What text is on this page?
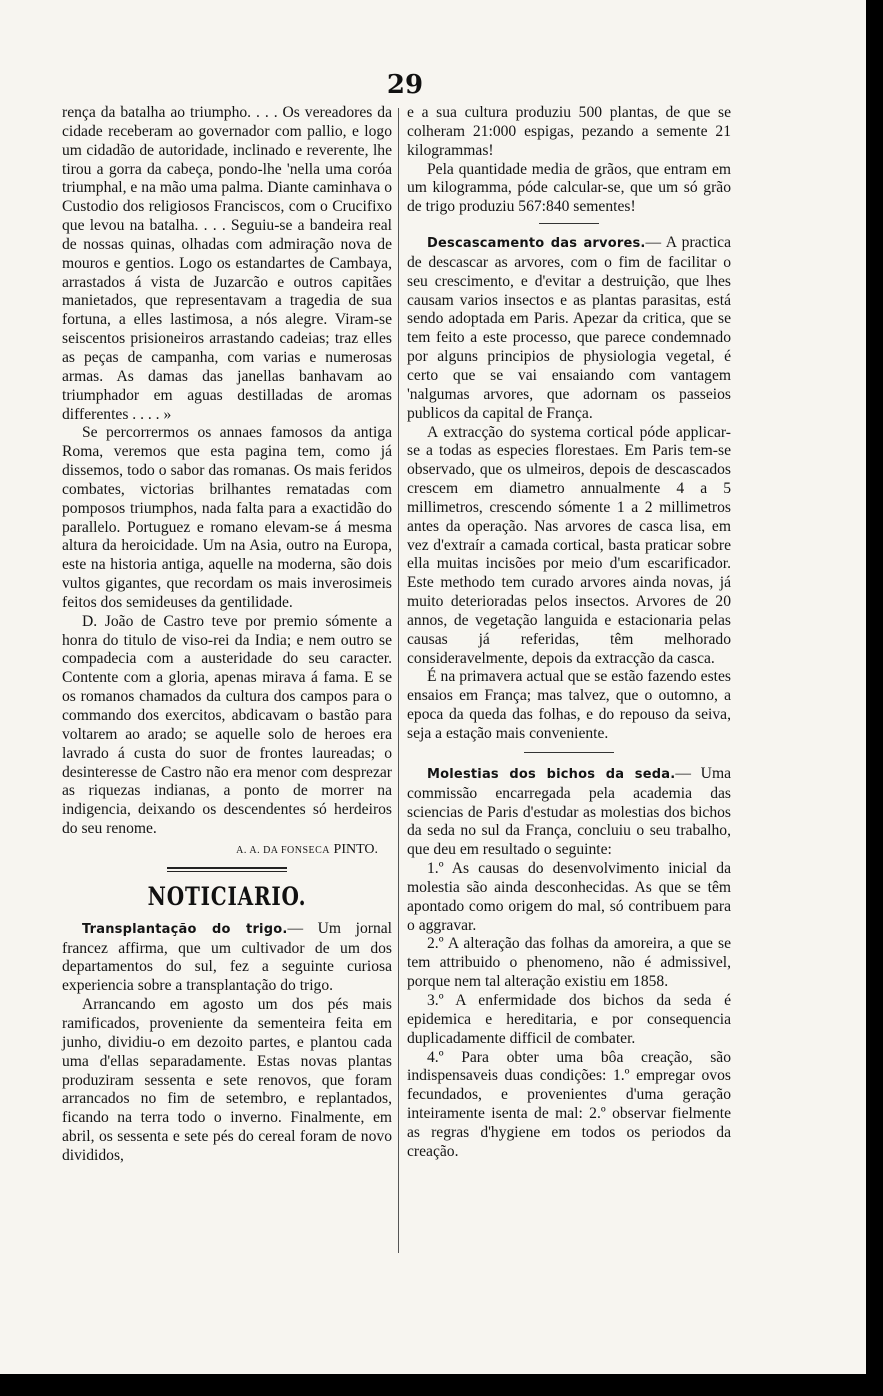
29

rença da batalha ao triumpho. . . . Os vereadores da cidade receberam ao governador com pallio, e logo um cidadão de autoridade, inclinado e reverente, lhe tirou a gorra da cabeça, pondo-lhe 'nella uma coróa triumphal, e na mão uma palma. Diante caminhava o Custodio dos religiosos Franciscos, com o Crucifixo que levou na batalha. . . . Seguiu-se a bandeira real de nossas quinas, olhadas com admiração nova de mouros e gentios. Logo os estandartes de Cambaya, arrastados á vista de Juzarcão e outros capitães manietados, que representavam a tragedia de sua fortuna, a elles lastimosa, a nós alegre. Viram-se seiscentos prisioneiros arrastando cadeias; traz elles as peças de campanha, com varias e numerosas armas. As damas das janellas banhavam ao triumphador em aguas destilladas de aromas differentes . . . . »

Se percorrermos os annaes famosos da antiga Roma, veremos que esta pagina tem, como já dissemos, todo o sabor das romanas. Os mais feridos combates, victorias brilhantes rematadas com pomposos triumphos, nada falta para a exactidão do parallelo. Portuguez e romano elevam-se á mesma altura da heroicidade. Um na Asia, outro na Europa, este na historia antiga, aquelle na moderna, são dois vultos gigantes, que recordam os mais inverosimeis feitos dos semideuses da gentilidade.

D. João de Castro teve por premio sómente a honra do titulo de viso-rei da India; e nem outro se compadecia com a austeridade do seu caracter. Contente com a gloria, apenas mirava á fama. E se os romanos chamados da cultura dos campos para o commando dos exercitos, abdicavam o bastão para voltarem ao arado; se aquelle solo de heroes era lavrado á custa do suor de frontes laureadas; o desinteresse de Castro não era menor com desprezar as riquezas indianas, a ponto de morrer na indigencia, deixando os descendentes só herdeiros do seu renome.

A. A. DA FONSECA PINTO.
NOTICIARIO.

Transplantação do trigo.— Um jornal francez affirma, que um cultivador de um dos departamentos do sul, fez a seguinte curiosa experiencia sobre a transplantação do trigo.

Arrancando em agosto um dos pés mais ramificados, proveniente da sementeira feita em junho, dividiu-o em dezoito partes, e plantou cada uma d'ellas separadamente. Estas novas plantas produziram sessenta e sete renovos, que foram arrancados no fim de setembro, e replantados, ficando na terra todo o inverno. Finalmente, em abril, os sessenta e sete pés do cereal foram de novo divididos,

e a sua cultura produziu 500 plantas, de que se colheram 21:000 espigas, pezando a semente 21 kilogrammas!

Pela quantidade media de grãos, que entram em um kilogramma, póde calcular-se, que um só grão de trigo produziu 567:840 sementes!

Descascamento das arvores.— A practica de descascar as arvores, com o fim de facilitar o seu crescimento, e d'evitar a destruição, que lhes causam varios insectos e as plantas parasitas, está sendo adoptada em Paris. Apezar da critica, que se tem feito a este processo, que parece condemnado por alguns principios de physiologia vegetal, é certo que se vai ensaiando com vantagem 'nalgumas arvores, que adornam os passeios publicos da capital de França.

A extracção do systema cortical póde applicar-se a todas as especies florestaes. Em Paris tem-se observado, que os ulmeiros, depois de descascados crescem em diametro annualmente 4 a 5 millimetros, crescendo sómente 1 a 2 millimetros antes da operação. Nas arvores de casca lisa, em vez d'extraír a camada cortical, basta praticar sobre ella muitas incisões por meio d'um escarificador. Este methodo tem curado arvores ainda novas, já muito deterioradas pelos insectos. Arvores de 20 annos, de vegetação languida e estacionaria pelas causas já referidas, têm melhorado consideravelmente, depois da extracção da casca.

É na primavera actual que se estão fazendo estes ensaios em França; mas talvez, que o outomno, a epoca da queda das folhas, e do repouso da seiva, seja a estação mais conveniente.

Molestias dos bichos da seda.— Uma commissão encarregada pela academia das sciencias de Paris d'estudar as molestias dos bichos da seda no sul da França, concluiu o seu trabalho, que deu em resultado o seguinte:

1.º As causas do desenvolvimento inicial da molestia são ainda desconhecidas. As que se têm apontado como origem do mal, só contribuem para o aggravar.

2.º A alteração das folhas da amoreira, a que se tem attribuido o phenomeno, não é admissivel, porque nem tal alteração existiu em 1858.

3.º A enfermidade dos bichos da seda é epidemica e hereditaria, e por consequencia duplicadamente difficil de combater.

4.º Para obter uma bôa creação, são indispensaveis duas condições: 1.º empregar ovos fecundados, e provenientes d'uma geração inteiramente isenta de mal: 2.º observar fielmente as regras d'hygiene em todos os periodos da creação.
